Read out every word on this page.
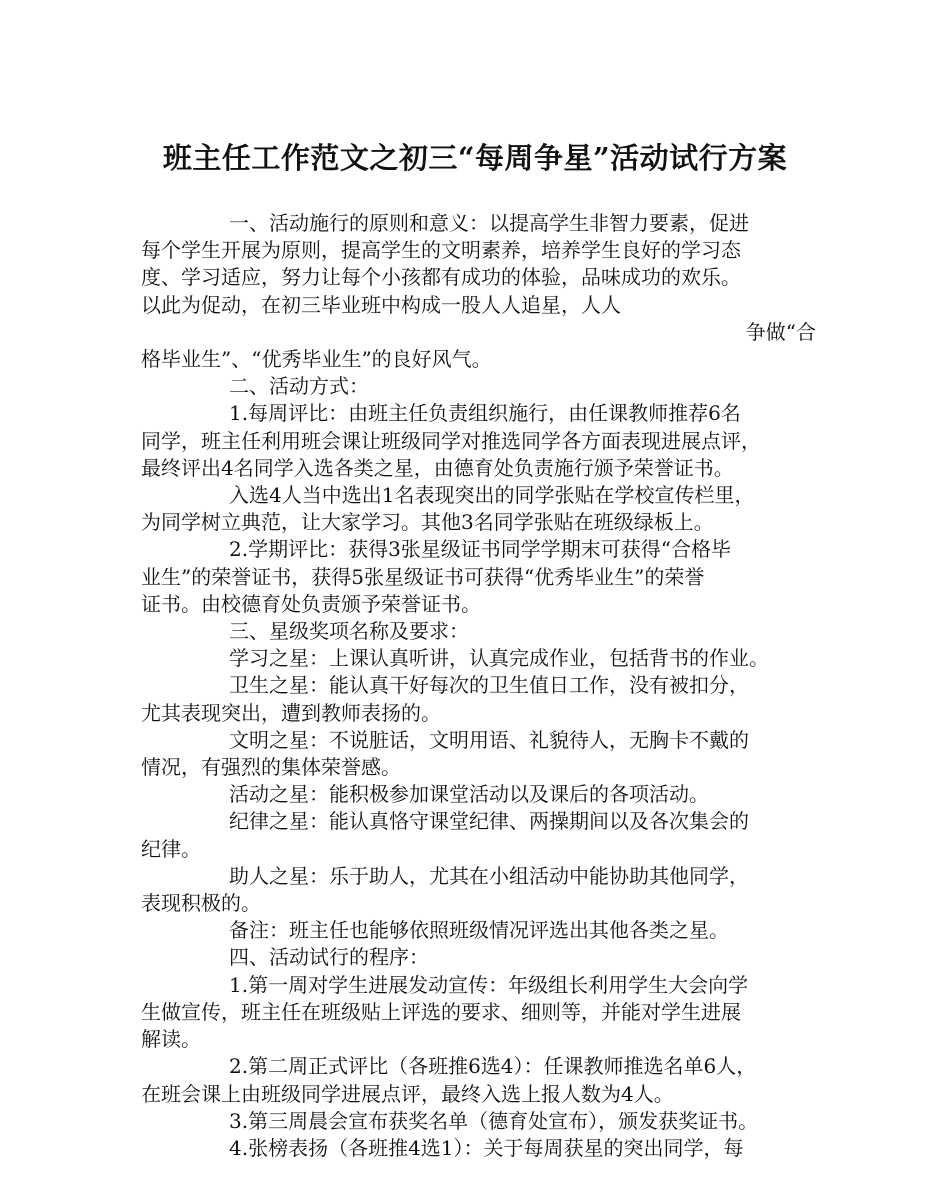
班主任工作范文之初三“每周争星”活动试行方案
一、活动施行的原则和意义：以提高学生非智力要素，促进
每个学生开展为原则，提高学生的文明素养，培养学生良好的学习态
度、学习适应，努力让每个小孩都有成功的体验，品味成功的欢乐。
以此为促动，在初三毕业班中构成一股人人追星，人人
争做“合
格毕业生”、“优秀毕业生”的良好风气。
二、活动方式：
1.每周评比：由班主任负责组织施行，由任课教师推荐6名
同学，班主任利用班会课让班级同学对推选同学各方面表现进展点评，
最终评出4名同学入选各类之星，由德育处负责施行颁予荣誉证书。
入选4人当中选出1名表现突出的同学张贴在学校宣传栏里，
为同学树立典范，让大家学习。其他3名同学张贴在班级绿板上。
2.学期评比：获得3张星级证书同学学期末可获得“合格毕
业生”的荣誉证书，获得5张星级证书可获得“优秀毕业生”的荣誉
证书。由校德育处负责颁予荣誉证书。
三、星级奖项名称及要求：
学习之星：上课认真听讲，认真完成作业，包括背书的作业。
卫生之星：能认真干好每次的卫生值日工作，没有被扣分，
尤其表现突出，遭到教师表扬的。
文明之星：不说脏话，文明用语、礼貌待人，无胸卡不戴的
情况，有强烈的集体荣誉感。
活动之星：能积极参加课堂活动以及课后的各项活动。
纪律之星：能认真恪守课堂纪律、两操期间以及各次集会的
纪律。
助人之星：乐于助人，尤其在小组活动中能协助其他同学，
表现积极的。
备注：班主任也能够依照班级情况评选出其他各类之星。
四、活动试行的程序：
1.第一周对学生进展发动宣传：年级组长利用学生大会向学
生做宣传，班主任在班级贴上评选的要求、细则等，并能对学生进展
解读。
2.第二周正式评比（各班推6选4）：任课教师推选名单6人，
在班会课上由班级同学进展点评，最终入选上报人数为4人。
3.第三周晨会宣布获奖名单（德育处宣布），颁发获奖证书。
4.张榜表扬（各班推4选1）：关于每周获星的突出同学，每
